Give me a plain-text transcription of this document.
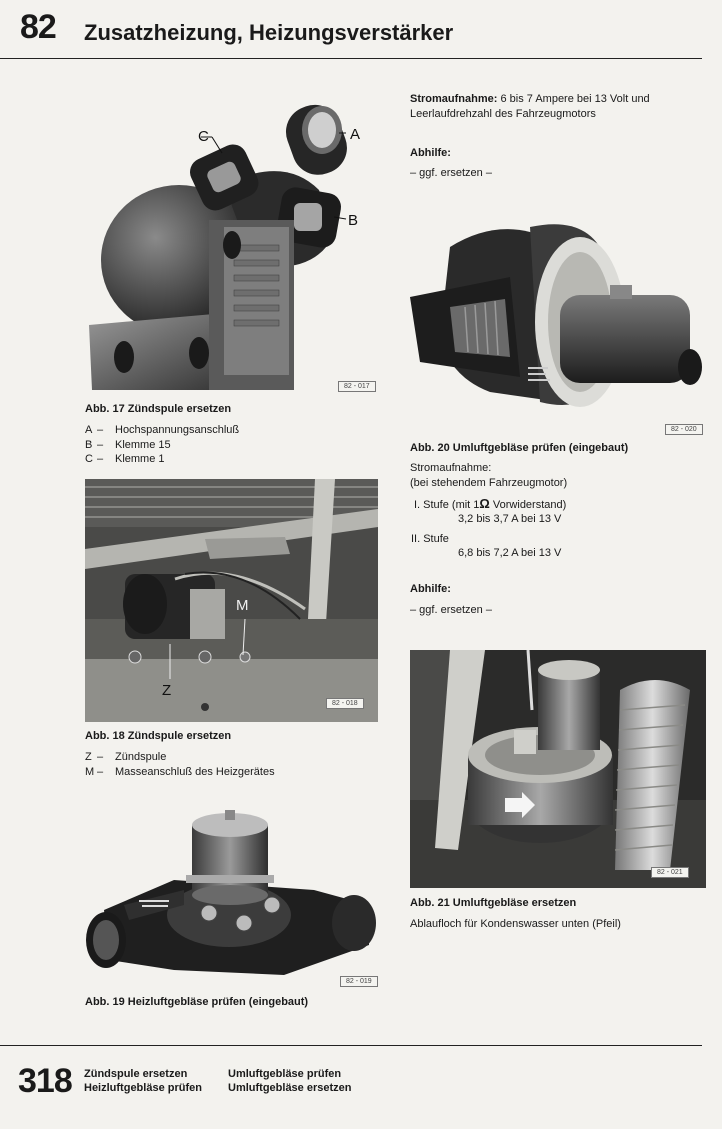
82 Zusatzheizung, Heizungsverstärker
C	A
B
82 - 017
Abb. 17 Zündspule ersetzen
A –	Hochspannungsanschluß
B –	Klemme 15
C –	Klemme 1
M
Z
82 - 018
Abb. 18 Zündspule ersetzen
Z –	Zündspule
M –	Masseanschluß des Heizgerätes
82 - 019
Abb. 19 Heizluftgebläse prüfen (eingebaut)
Stromaufnahme: 6 bis 7 Ampere bei 13 Volt und
Leerlaufdrehzahl des Fahrzeugmotors
Abhilfe:
– ggf. ersetzen –
82 - 020
Abb. 20 Umluftgebläse prüfen (eingebaut)
Stromaufnahme:
(bei stehendem Fahrzeugmotor)
I. Stufe (mit 1Ω Vorwiderstand)
3,2 bis 3,7 A bei 13 V
II. Stufe
6,8 bis 7,2 A bei 13 V
Abhilfe:
– ggf. ersetzen –
82 - 021
Abb. 21 Umluftgebläse ersetzen
Ablaufloch für Kondenswasser unten (Pfeil)
318 Zündspule ersetzen
Heizluftgebläse prüfen
Umluftgebläse prüfen
Umluftgebläse ersetzen
